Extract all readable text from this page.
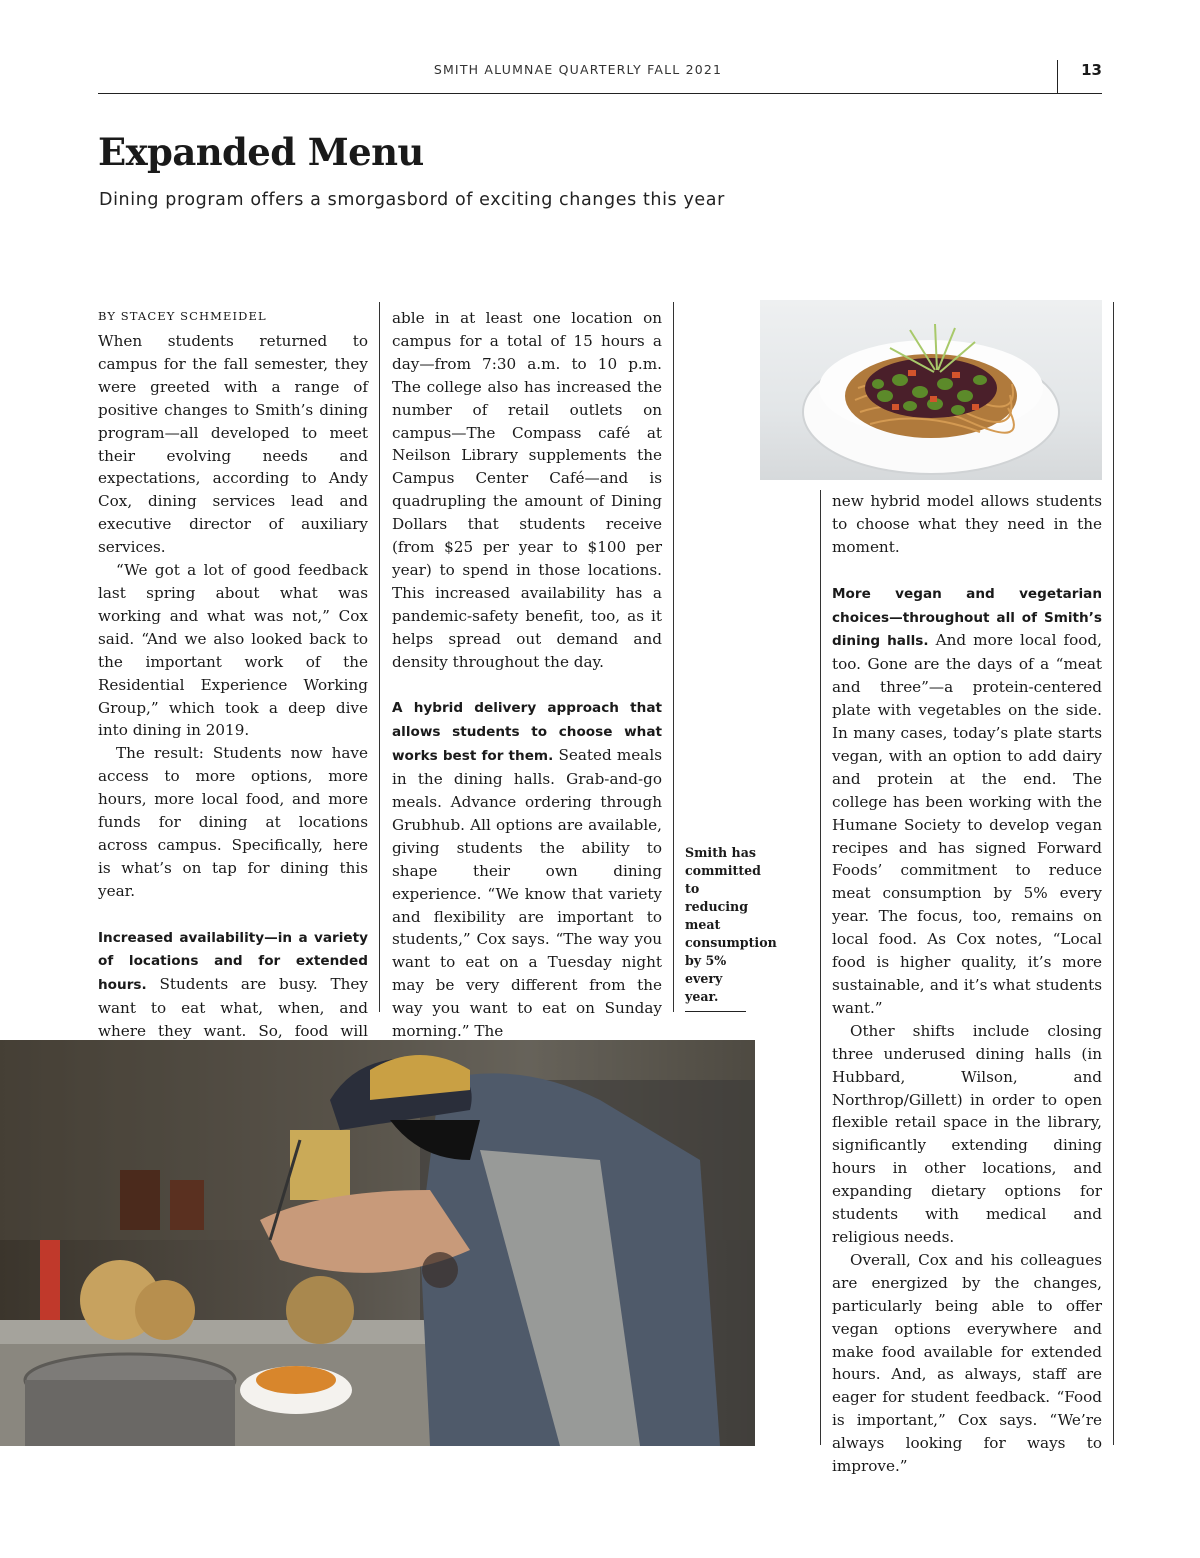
SMITH ALUMNAE QUARTERLY FALL 2021	13
Expanded Menu

Dining program offers a smorgasbord of exciting changes this year

BY STACEY SCHMEIDEL

When students returned to campus for the fall semester, they were greeted with a range of positive changes to Smith’s dining program—all developed to meet their evolving needs and expectations, according to Andy Cox, dining services lead and executive director of auxiliary services.

“We got a lot of good feedback last spring about what was working and what was not,” Cox said. “And we also looked back to the important work of the Residential Experience Working Group,” which took a deep dive into dining in 2019.

The result: Students now have access to more options, more hours, more local food, and more funds for dining at locations across campus. Specifically, here is what’s on tap for dining this year.

Increased availability—in a variety of locations and for extended hours. Students are busy. They want to eat what, when, and where they want. So, food will

able in at least one location on campus for a total of 15 hours a day—from 7:30 a.m. to 10 p.m. The college also has increased the number of retail outlets on campus—The Compass café at Neilson Library supplements the Campus Center Café—and is quadrupling the amount of Dining Dollars that students receive (from $25 per year to $100 per year) to spend in those locations. This increased availability has a pandemic-safety benefit, too, as it helps spread out demand and density throughout the day.

A hybrid delivery approach that allows students to choose what works best for them. Seated meals in the dining halls. Grab-and-go meals. Advance ordering through Grubhub. All options are available, giving students the ability to shape their own dining experience. “We know that variety and flexibility are important to students,” Cox says. “The way you want to eat on a Tuesday night may be very different from the way you want to eat on Sunday morning.” The

Smith has committed to reducing meat consumption by 5% every year.

new hybrid model allows students to choose what they need in the moment.

More vegan and vegetarian choices—throughout all of Smith’s dining halls. And more local food, too. Gone are the days of a “meat and three”—a protein-centered plate with vegetables on the side. In many cases, today’s plate starts vegan, with an option to add dairy and protein at the end. The college has been working with the Humane Society to develop vegan recipes and has signed Forward Foods’ commitment to reduce meat consumption by 5% every year. The focus, too, remains on local food. As Cox notes, “Local food is higher quality, it’s more sustainable, and it’s what students want.”

Other shifts include closing three underused dining halls (in Hubbard, Wilson, and Northrop/Gillett) in order to open flexible retail space in the library, significantly extending dining hours in other locations, and expanding dietary options for students with medical and religious needs.

Overall, Cox and his colleagues are energized by the changes, particularly being able to offer vegan options everywhere and make food available for extended hours. And, as always, staff are eager for student feedback. “Food is important,” Cox says. “We’re always looking for ways to improve.”
